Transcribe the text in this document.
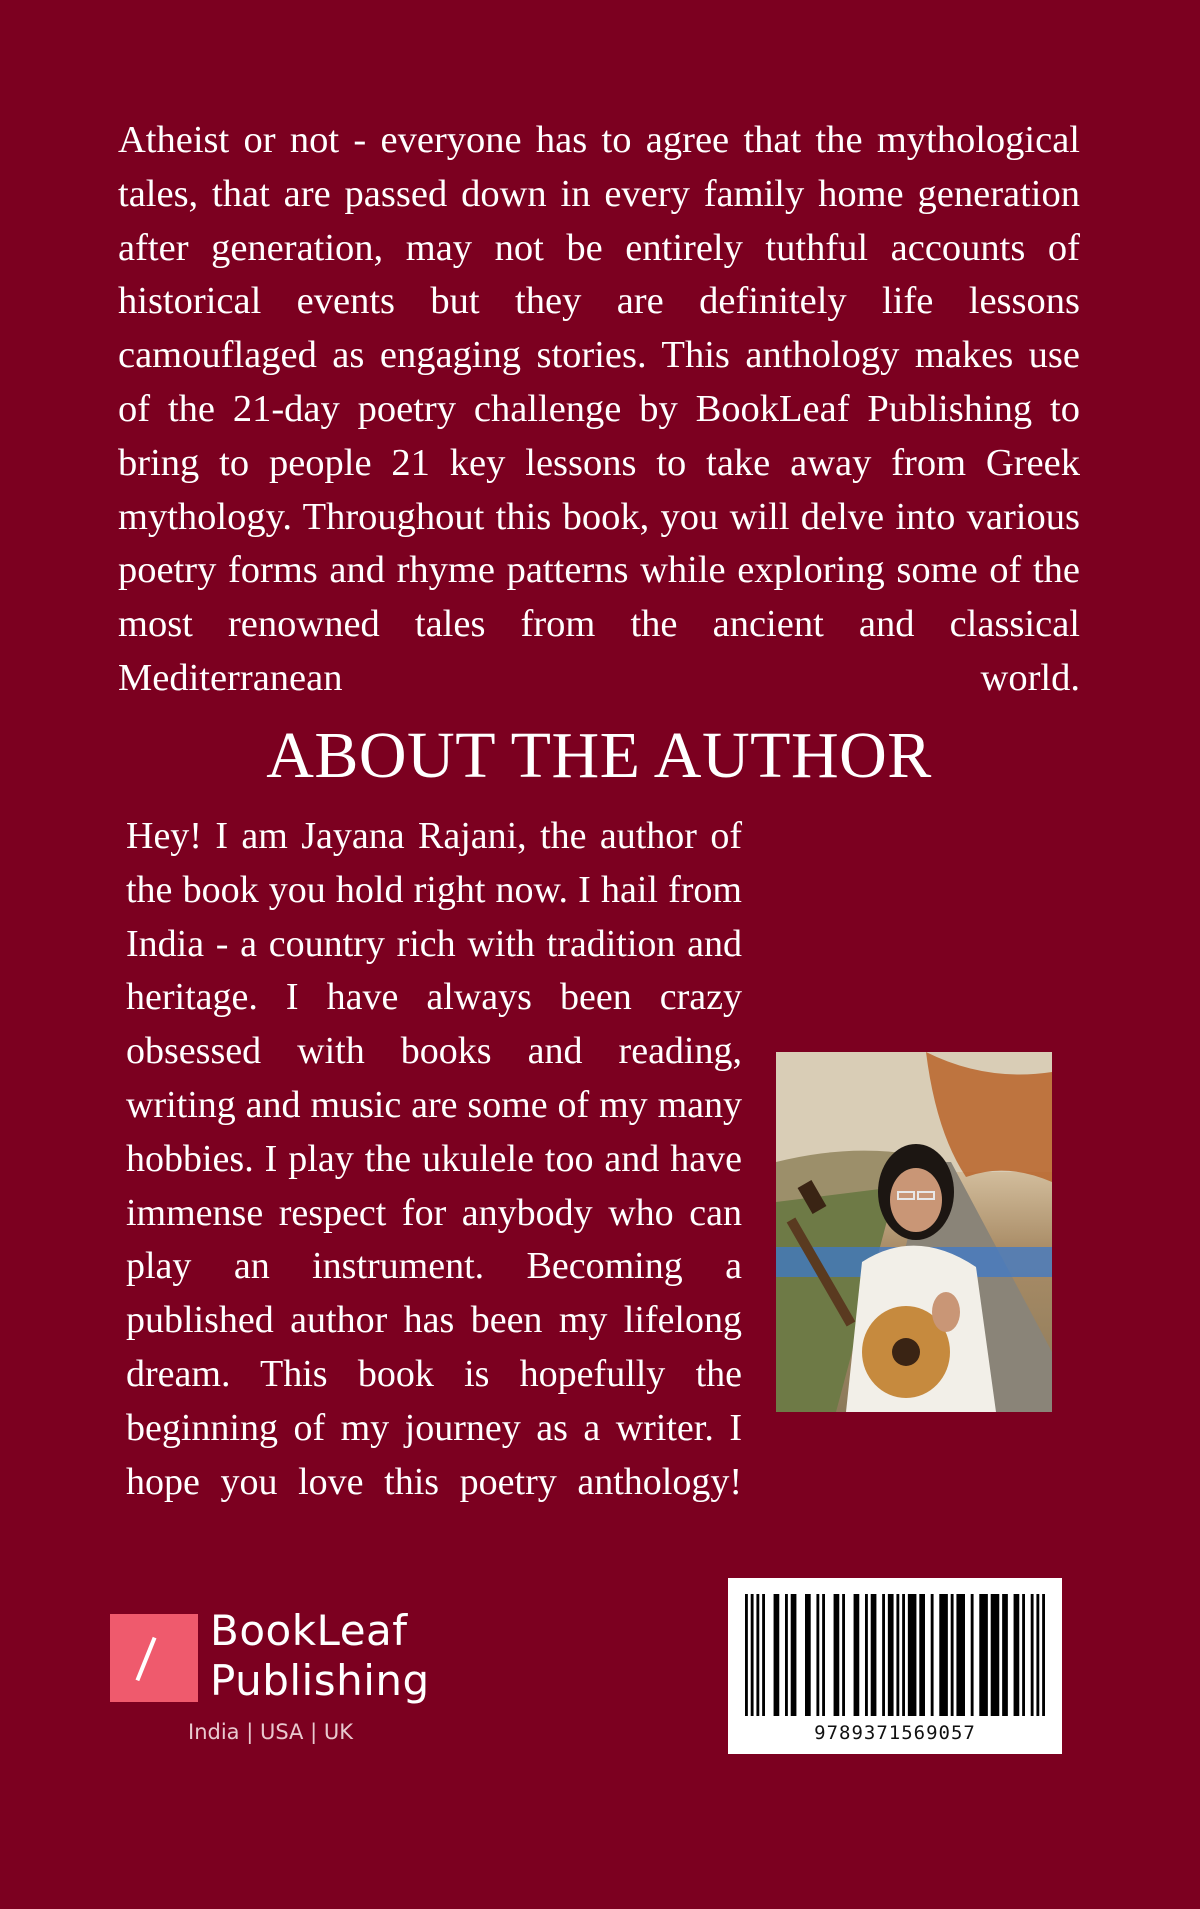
Atheist or not - everyone has to agree that the mythological tales, that are passed down in every family home generation after generation, may not be entirely tuthful accounts of historical events but they are definitely life lessons camouflaged as engaging stories. This anthology makes use of the 21-day poetry challenge by BookLeaf Publishing to bring to people 21 key lessons to take away from Greek mythology. Throughout this book, you will delve into various poetry forms and rhyme patterns while exploring some of the most renowned tales from the ancient and classical Mediterranean world.

ABOUT THE AUTHOR

Hey! I am Jayana Rajani, the author of the book you hold right now. I hail from India - a country rich with tradition and heritage. I have always been crazy obsessed with books and reading, writing and music are some of my many hobbies. I play the ukulele too and have immense respect for anybody who can play an instrument. Becoming a published author has been my lifelong dream. This book is hopefully the beginning of my journey as a writer. I hope you love this poetry anthology!

BookLeaf
Publishing
India | USA | UK	9789371569057
